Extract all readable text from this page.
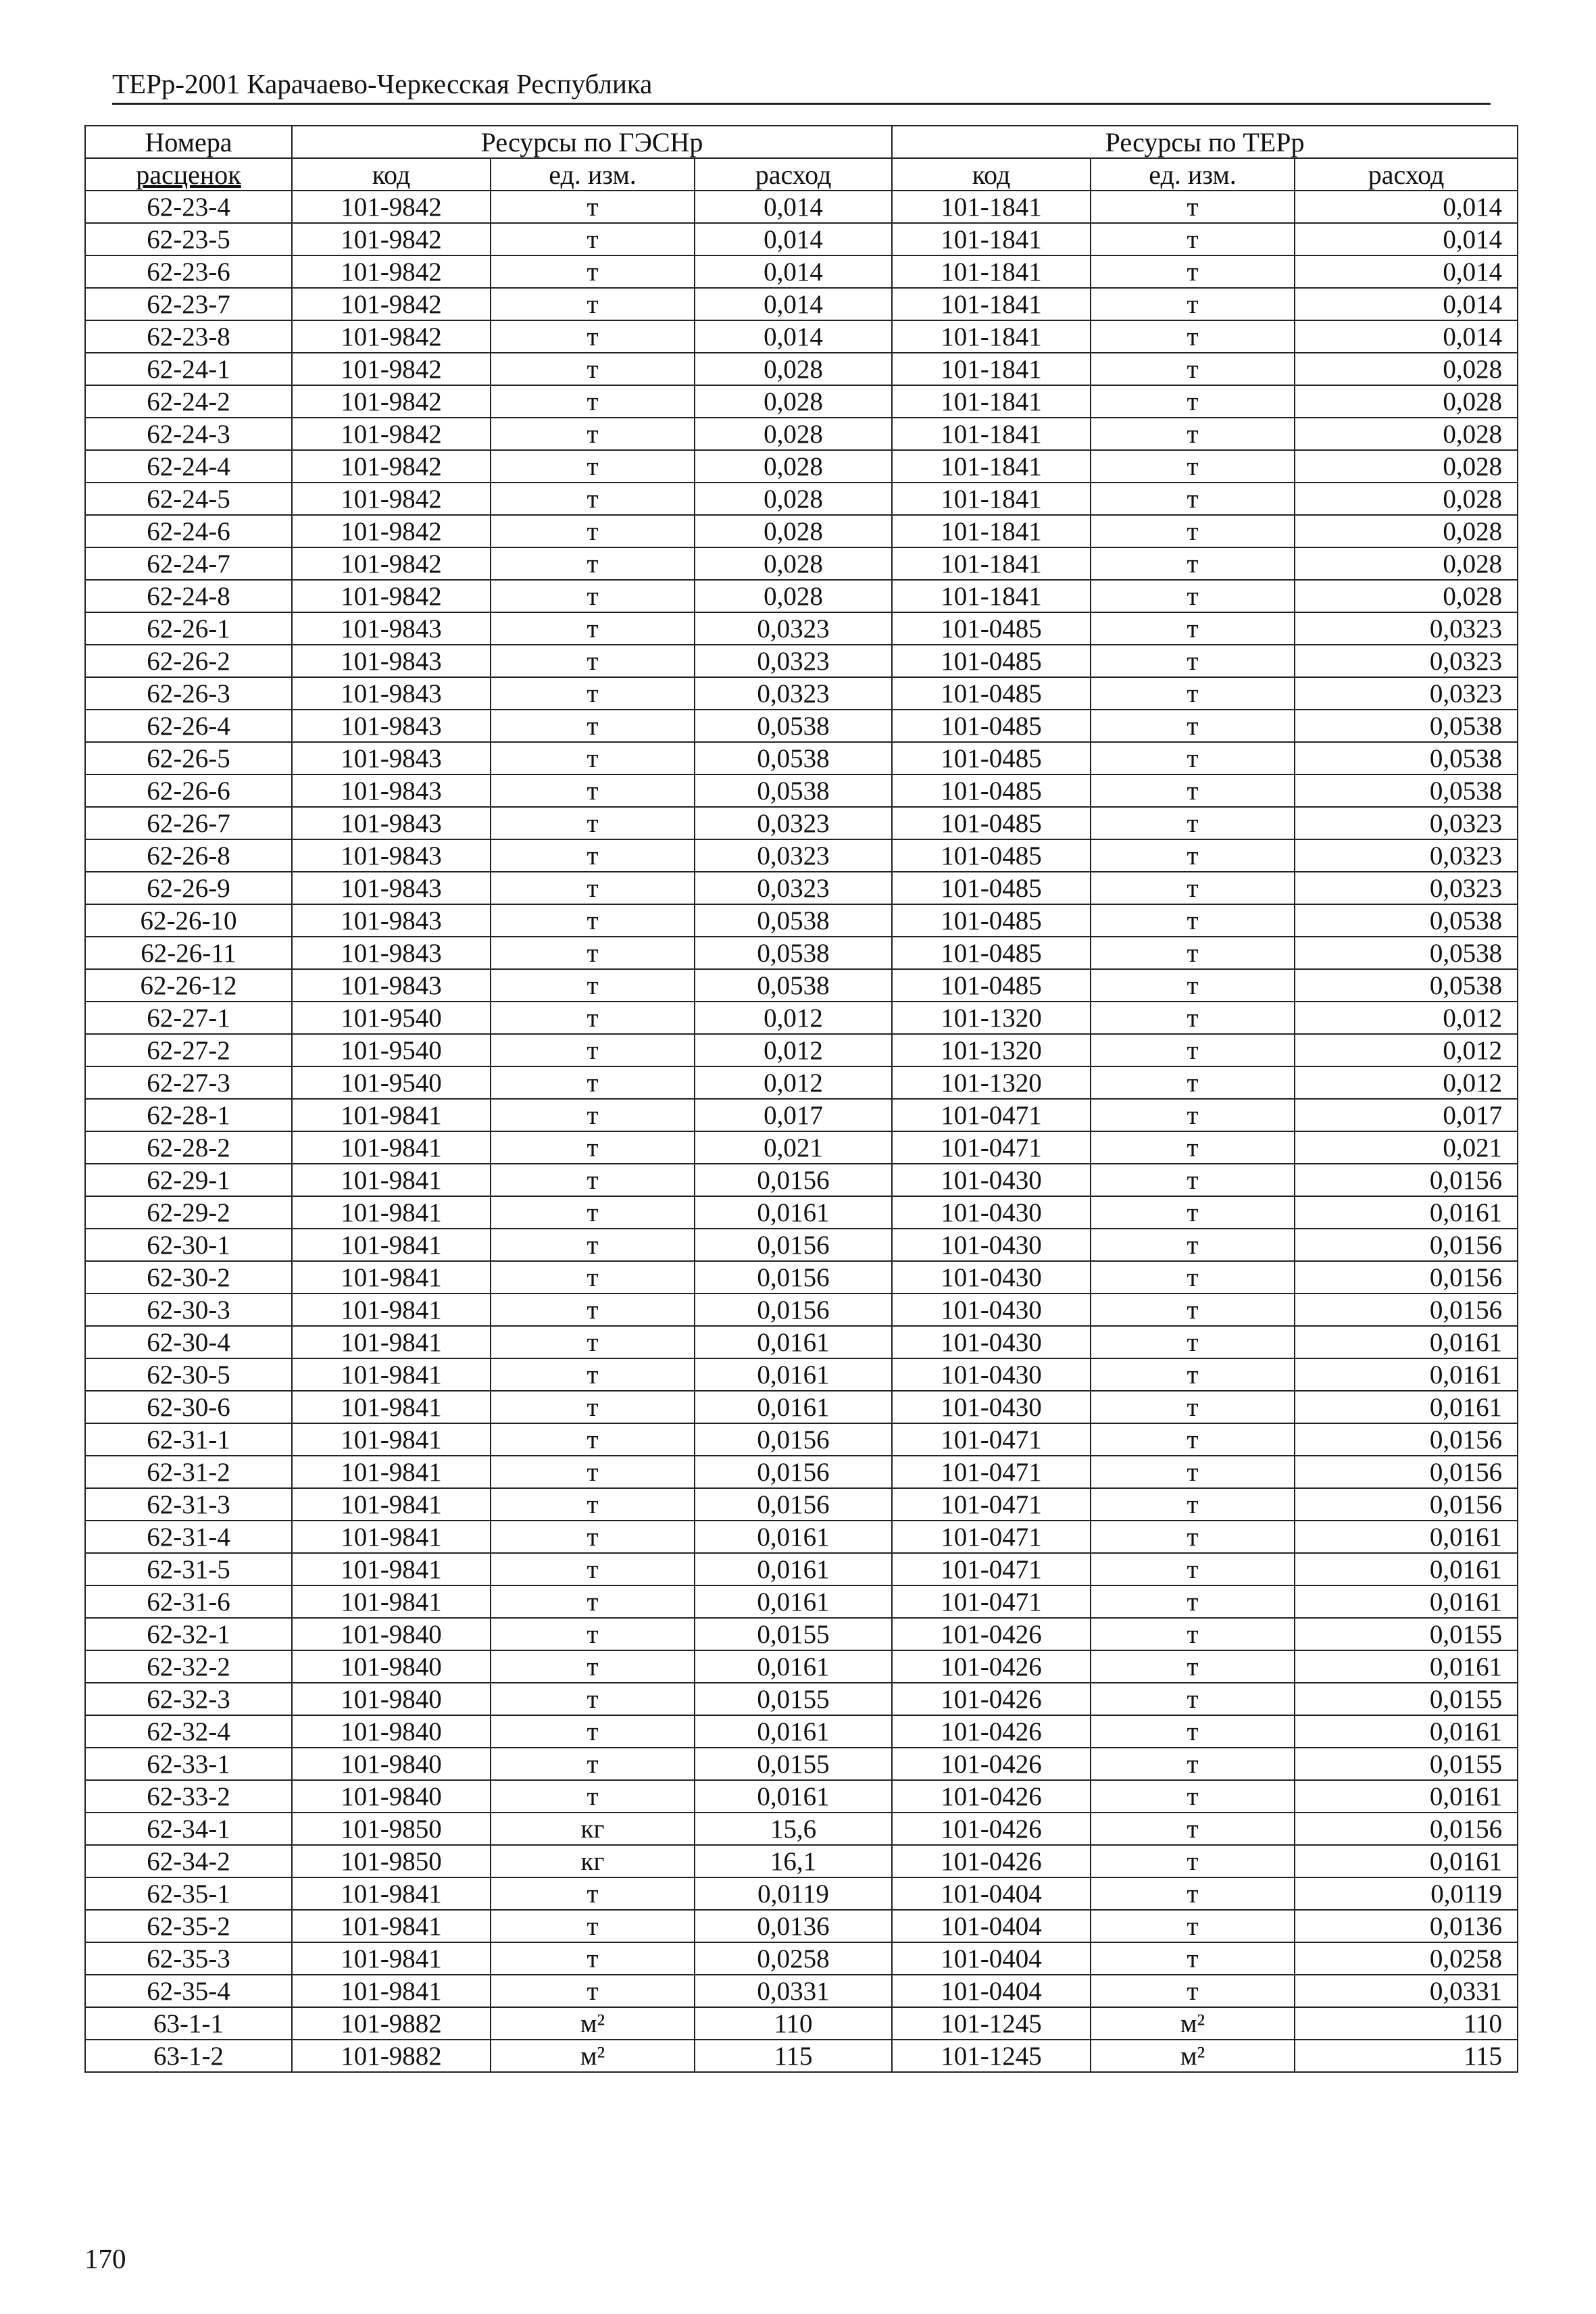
ТЕРр-2001 Карачаево-Черкесская Республика
Номера	Ресурсы по ГЭСНр			Ресурсы по ТЕРр		
расценок	код	ед. изм.	расход	код	ед. изм.	расход
62-23-4	101-9842	т	0,014	101-1841	т	0,014
62-23-5	101-9842	т	0,014	101-1841	т	0,014
62-23-6	101-9842	т	0,014	101-1841	т	0,014
62-23-7	101-9842	т	0,014	101-1841	т	0,014
62-23-8	101-9842	т	0,014	101-1841	т	0,014
62-24-1	101-9842	т	0,028	101-1841	т	0,028
62-24-2	101-9842	т	0,028	101-1841	т	0,028
62-24-3	101-9842	т	0,028	101-1841	т	0,028
62-24-4	101-9842	т	0,028	101-1841	т	0,028
62-24-5	101-9842	т	0,028	101-1841	т	0,028
62-24-6	101-9842	т	0,028	101-1841	т	0,028
62-24-7	101-9842	т	0,028	101-1841	т	0,028
62-24-8	101-9842	т	0,028	101-1841	т	0,028
62-26-1	101-9843	т	0,0323	101-0485	т	0,0323
62-26-2	101-9843	т	0,0323	101-0485	т	0,0323
62-26-3	101-9843	т	0,0323	101-0485	т	0,0323
62-26-4	101-9843	т	0,0538	101-0485	т	0,0538
62-26-5	101-9843	т	0,0538	101-0485	т	0,0538
62-26-6	101-9843	т	0,0538	101-0485	т	0,0538
62-26-7	101-9843	т	0,0323	101-0485	т	0,0323
62-26-8	101-9843	т	0,0323	101-0485	т	0,0323
62-26-9	101-9843	т	0,0323	101-0485	т	0,0323
62-26-10	101-9843	т	0,0538	101-0485	т	0,0538
62-26-11	101-9843	т	0,0538	101-0485	т	0,0538
62-26-12	101-9843	т	0,0538	101-0485	т	0,0538
62-27-1	101-9540	т	0,012	101-1320	т	0,012
62-27-2	101-9540	т	0,012	101-1320	т	0,012
62-27-3	101-9540	т	0,012	101-1320	т	0,012
62-28-1	101-9841	т	0,017	101-0471	т	0,017
62-28-2	101-9841	т	0,021	101-0471	т	0,021
62-29-1	101-9841	т	0,0156	101-0430	т	0,0156
62-29-2	101-9841	т	0,0161	101-0430	т	0,0161
62-30-1	101-9841	т	0,0156	101-0430	т	0,0156
62-30-2	101-9841	т	0,0156	101-0430	т	0,0156
62-30-3	101-9841	т	0,0156	101-0430	т	0,0156
62-30-4	101-9841	т	0,0161	101-0430	т	0,0161
62-30-5	101-9841	т	0,0161	101-0430	т	0,0161
62-30-6	101-9841	т	0,0161	101-0430	т	0,0161
62-31-1	101-9841	т	0,0156	101-0471	т	0,0156
62-31-2	101-9841	т	0,0156	101-0471	т	0,0156
62-31-3	101-9841	т	0,0156	101-0471	т	0,0156
62-31-4	101-9841	т	0,0161	101-0471	т	0,0161
62-31-5	101-9841	т	0,0161	101-0471	т	0,0161
62-31-6	101-9841	т	0,0161	101-0471	т	0,0161
62-32-1	101-9840	т	0,0155	101-0426	т	0,0155
62-32-2	101-9840	т	0,0161	101-0426	т	0,0161
62-32-3	101-9840	т	0,0155	101-0426	т	0,0155
62-32-4	101-9840	т	0,0161	101-0426	т	0,0161
62-33-1	101-9840	т	0,0155	101-0426	т	0,0155
62-33-2	101-9840	т	0,0161	101-0426	т	0,0161
62-34-1	101-9850	кг	15,6	101-0426	т	0,0156
62-34-2	101-9850	кг	16,1	101-0426	т	0,0161
62-35-1	101-9841	т	0,0119	101-0404	т	0,0119
62-35-2	101-9841	т	0,0136	101-0404	т	0,0136
62-35-3	101-9841	т	0,0258	101-0404	т	0,0258
62-35-4	101-9841	т	0,0331	101-0404	т	0,0331
63-1-1	101-9882	м²	110	101-1245	м²	110
63-1-2	101-9882	м²	115	101-1245	м²	115
170
